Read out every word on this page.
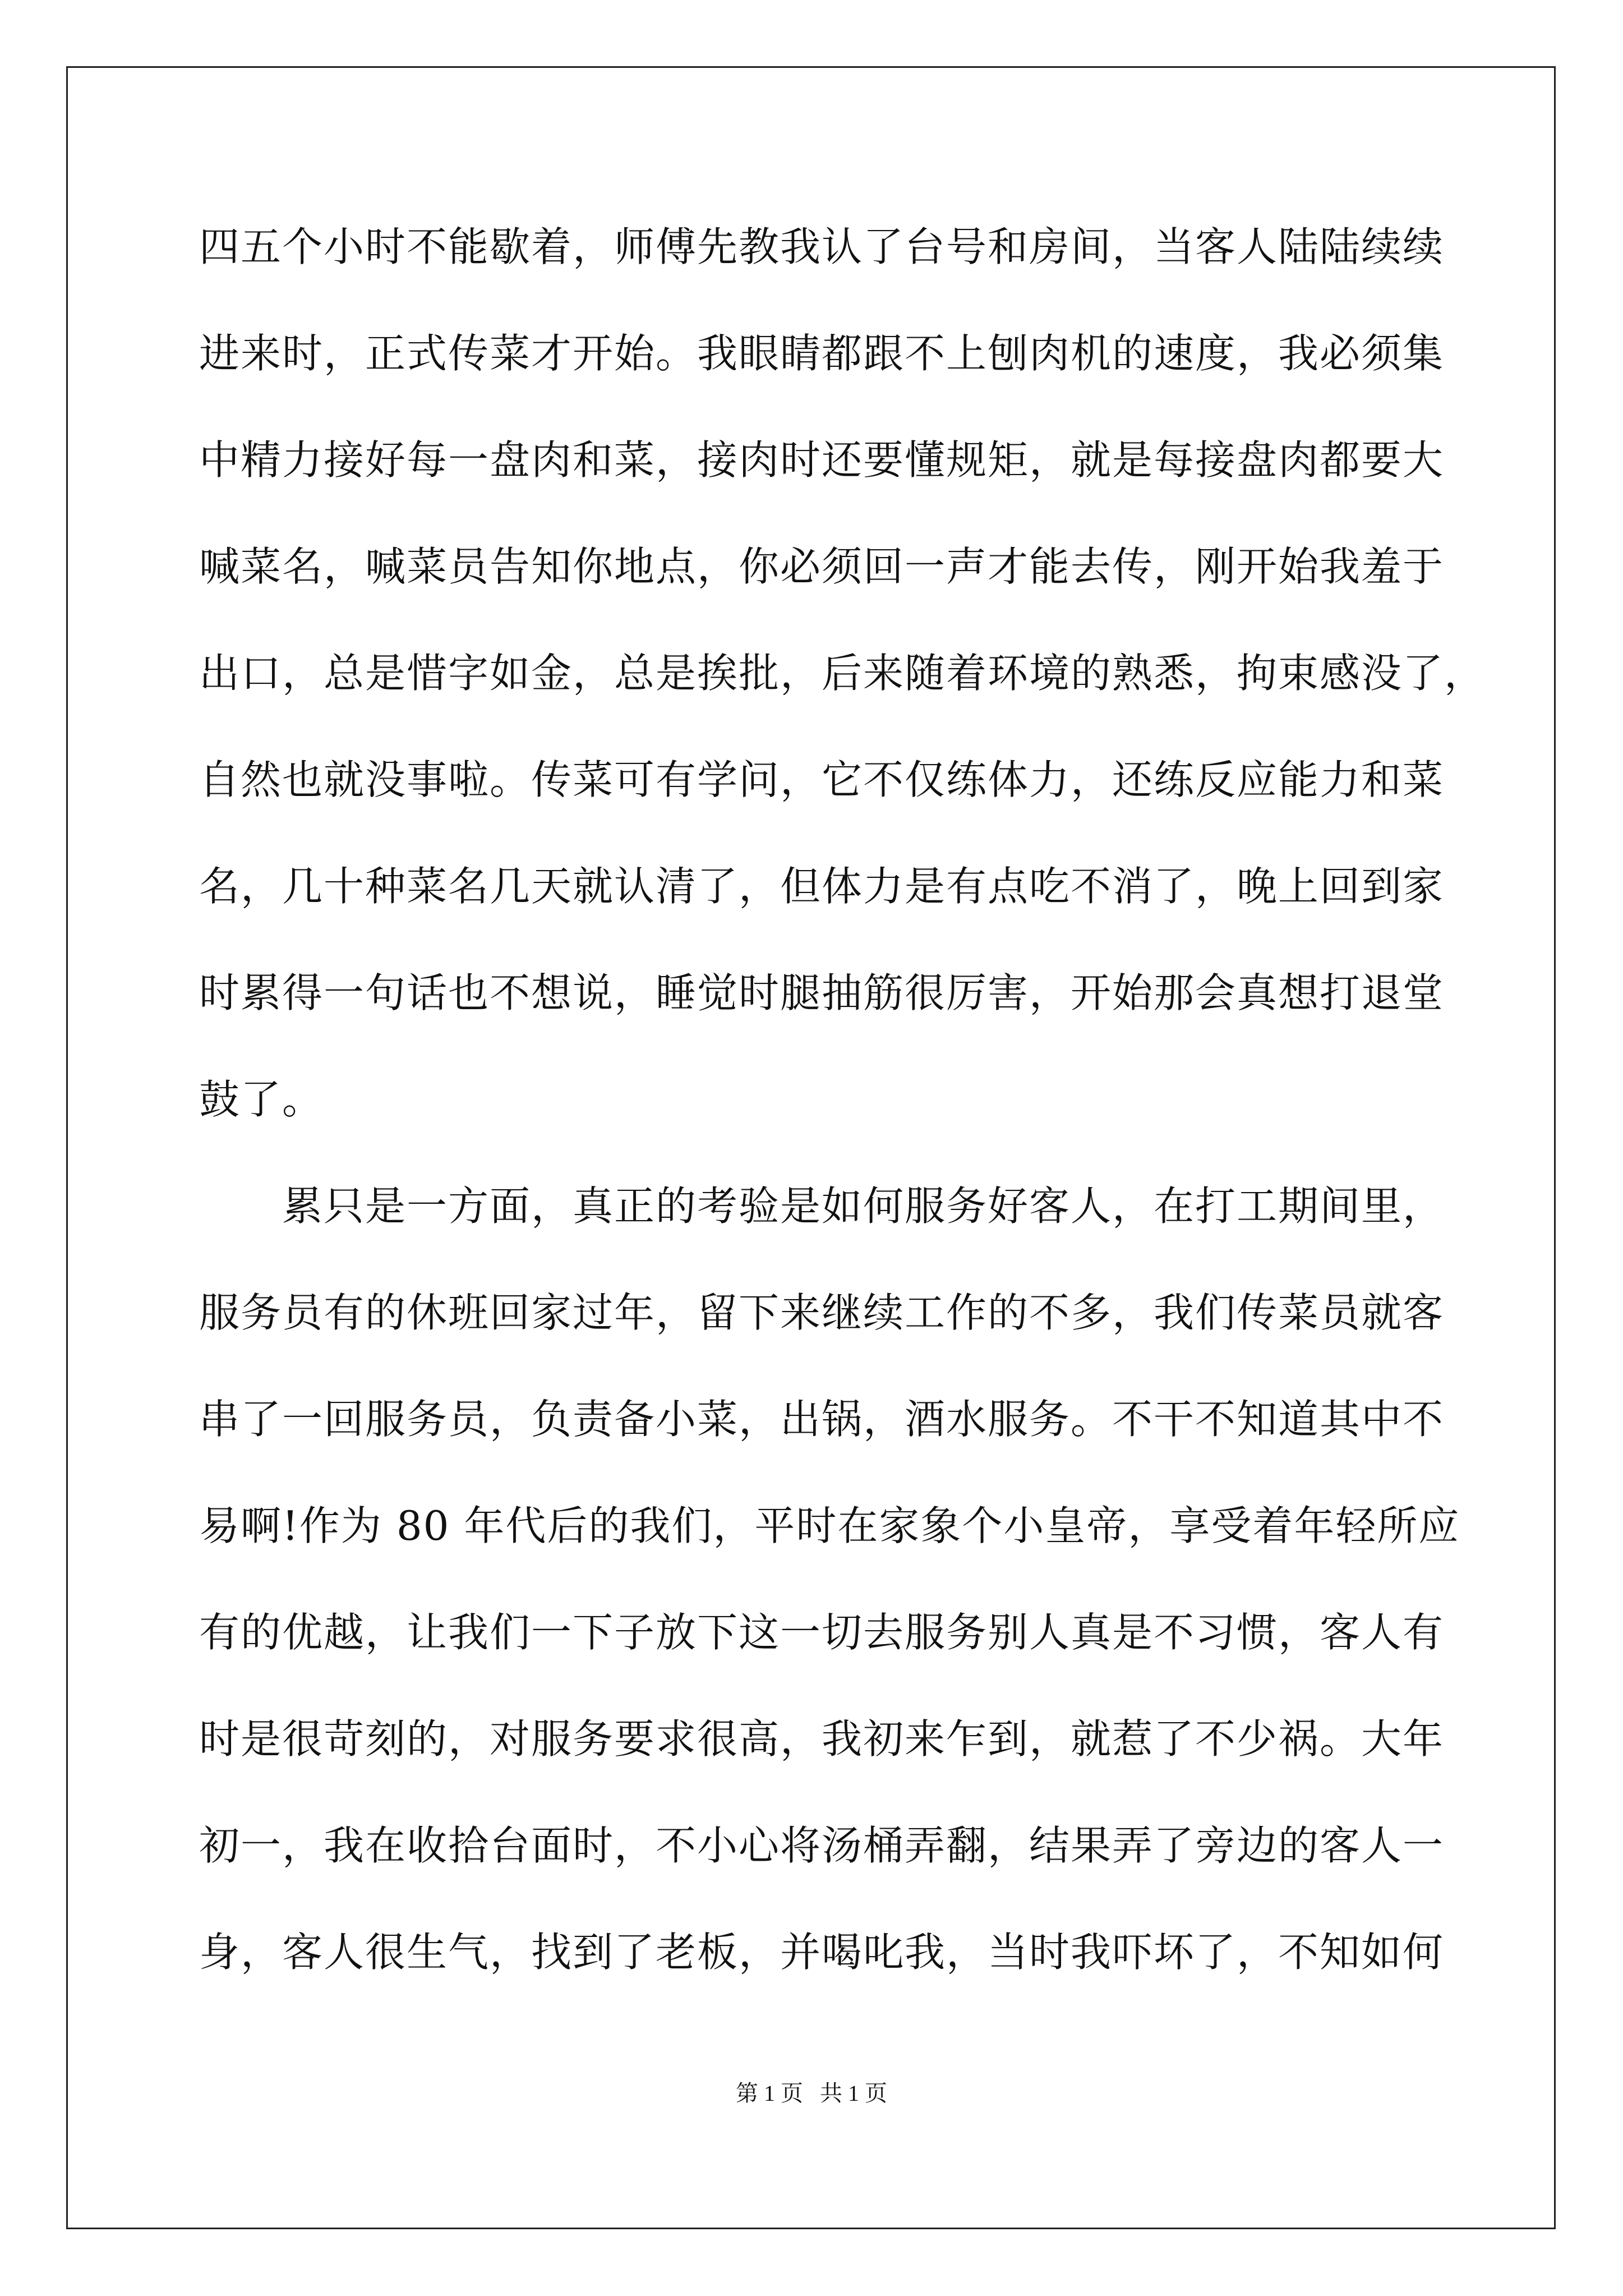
四五个小时不能歇着，师傅先教我认了台号和房间，当客人陆陆续续
进来时，正式传菜才开始。我眼睛都跟不上刨肉机的速度，我必须集
中精力接好每一盘肉和菜，接肉时还要懂规矩，就是每接盘肉都要大
喊菜名，喊菜员告知你地点，你必须回一声才能去传，刚开始我羞于
出口，总是惜字如金，总是挨批，后来随着环境的熟悉，拘束感没了，
自然也就没事啦。传菜可有学问，它不仅练体力，还练反应能力和菜
名，几十种菜名几天就认清了，但体力是有点吃不消了，晚上回到家
时累得一句话也不想说，睡觉时腿抽筋很厉害，开始那会真想打退堂
鼓了。
　　累只是一方面，真正的考验是如何服务好客人，在打工期间里，
服务员有的休班回家过年，留下来继续工作的不多，我们传菜员就客
串了一回服务员，负责备小菜，出锅，酒水服务。不干不知道其中不
易啊!作为 80 年代后的我们，平时在家象个小皇帝，享受着年轻所应
有的优越，让我们一下子放下这一切去服务别人真是不习惯，客人有
时是很苛刻的，对服务要求很高，我初来乍到，就惹了不少祸。大年
初一，我在收拾台面时，不小心将汤桶弄翻，结果弄了旁边的客人一
身，客人很生气，找到了老板，并喝叱我，当时我吓坏了，不知如何
第 1 页 共 1 页
